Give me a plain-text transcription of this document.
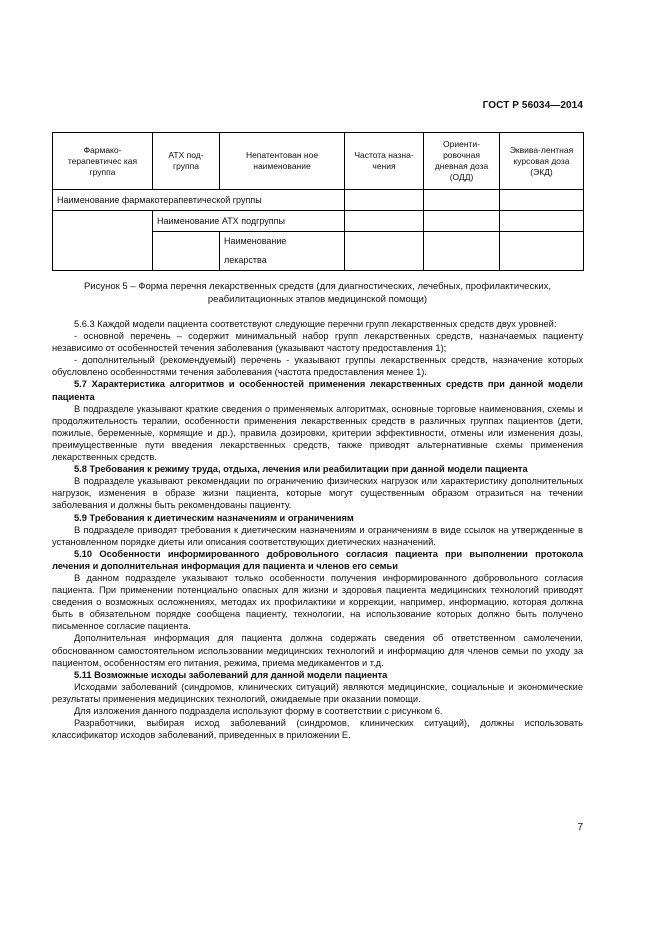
ГОСТ Р 56034—2014
Фармако-терапевтичес кая группа	АТХ под-группа	Непатентован ное наименование	Частота назна-чения	Ориенти-ровочная дневная доза (ОДД)	Эквива-лентная курсовая доза (ЭКД)
Наименование фармакотерапевтической группы					
	Наименование АТХ подгруппы				
		Наименование			
		лекарства			
Рисунок 5 – Форма перечня лекарственных средств (для диагностических, лечебных, профилактических, реабилитационных этапов медицинской помощи)

5.6.3 Каждой модели пациента соответствуют следующие перечни групп лекарственных средств двух уровней:

- основной перечень – содержит минимальный набор групп лекарственных средств, назначаемых пациенту независимо от особенностей течения заболевания (указывают частоту предоставления 1);

- дополнительный (рекомендуемый) перечень - указывают группы лекарственных средств, назначение которых обусловлено особенностями течения заболевания (частота предоставления менее 1).

5.7 Характеристика алгоритмов и особенностей применения лекарственных средств при данной модели пациента

В подразделе указывают краткие сведения о применяемых алгоритмах, основные торговые наименования, схемы и продолжительность терапии, особенности применения лекарственных средств в различных группах пациентов (дети, пожилые, беременные, кормящие и др.), правила дозировки, критерии эффективности, отмены или изменения дозы, преимущественные пути введения лекарственных средств, также приводят альтернативные схемы применения лекарственных средств.

5.8 Требования к режиму труда, отдыха, лечения или реабилитации при данной модели пациента

В подразделе указывают рекомендации по ограничению физических нагрузок или характеристику дополнительных нагрузок, изменения в образе жизни пациента, которые могут существенным образом отразиться на течении заболевания и должны быть рекомендованы пациенту.

5.9 Требования к диетическим назначениям и ограничениям

В подразделе приводят требования к диетическим назначениям и ограничениям в виде ссылок на утвержденные в установленном порядке диеты или описания соответствующих диетических назначений.

5.10 Особенности информированного добровольного согласия пациента при выполнении протокола лечения и дополнительная информация для пациента и членов его семьи

В данном подразделе указывают только особенности получения информированного добровольного согласия пациента. При применении потенциально опасных для жизни и здоровья пациента медицинских технологий приводят сведения о возможных осложнениях, методах их профилактики и коррекции, например, информацию, которая должна быть в обязательном порядке сообщена пациенту, технологии, на использование которых должно быть получено письменное согласие пациента.

Дополнительная информация для пациента должна содержать сведения об ответственном самолечении, обоснованном самостоятельном использовании медицинских технологий и информацию для членов семьи по уходу за пациентом, особенностям его питания, режима, приема медикаментов и т.д.

5.11 Возможные исходы заболеваний для данной модели пациента

Исходами заболеваний (синдромов, клинических ситуаций) являются медицинские, социальные и экономические результаты применения медицинских технологий, ожидаемые при оказании помощи.

Для изложения данного подраздела используют форму в соответствии с рисунком 6.

Разработчики, выбирая исход заболеваний (синдромов, клинических ситуаций), должны использовать классификатор исходов заболеваний, приведенных в приложении Е.

7
